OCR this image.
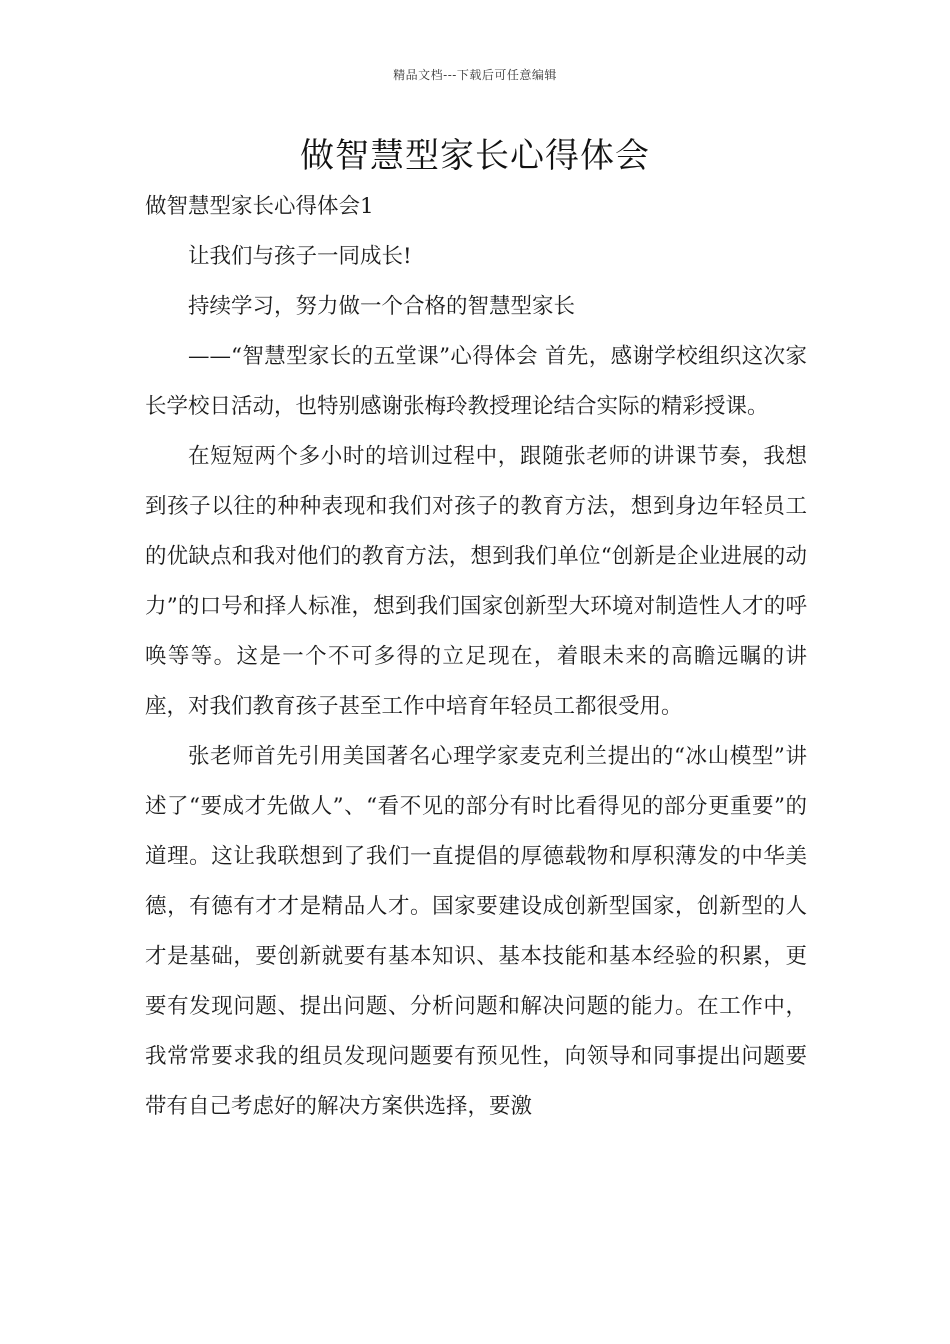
精品文档---下载后可任意编辑
做智慧型家长心得体会

做智慧型家长心得体会1

让我们与孩子一同成长!

持续学习，努力做一个合格的智慧型家长

——“智慧型家长的五堂课”心得体会 首先，感谢学校组织这次家长学校日活动，也特别感谢张梅玲教授理论结合实际的精彩授课。

在短短两个多小时的培训过程中，跟随张老师的讲课节奏，我想到孩子以往的种种表现和我们对孩子的教育方法，想到身边年轻员工的优缺点和我对他们的教育方法，想到我们单位“创新是企业进展的动力”的口号和择人标准，想到我们国家创新型大环境对制造性人才的呼唤等等。这是一个不可多得的立足现在，着眼未来的高瞻远瞩的讲座，对我们教育孩子甚至工作中培育年轻员工都很受用。

张老师首先引用美国著名心理学家麦克利兰提出的“冰山模型”讲述了“要成才先做人”、“看不见的部分有时比看得见的部分更重要”的道理。这让我联想到了我们一直提倡的厚德载物和厚积薄发的中华美德，有德有才才是精品人才。国家要建设成创新型国家，创新型的人才是基础，要创新就要有基本知识、基本技能和基本经验的积累，更要有发现问题、提出问题、分析问题和解决问题的能力。在工作中，我常常要求我的组员发现问题要有预见性，向领导和同事提出问题要带有自己考虑好的解决方案供选择，要激
